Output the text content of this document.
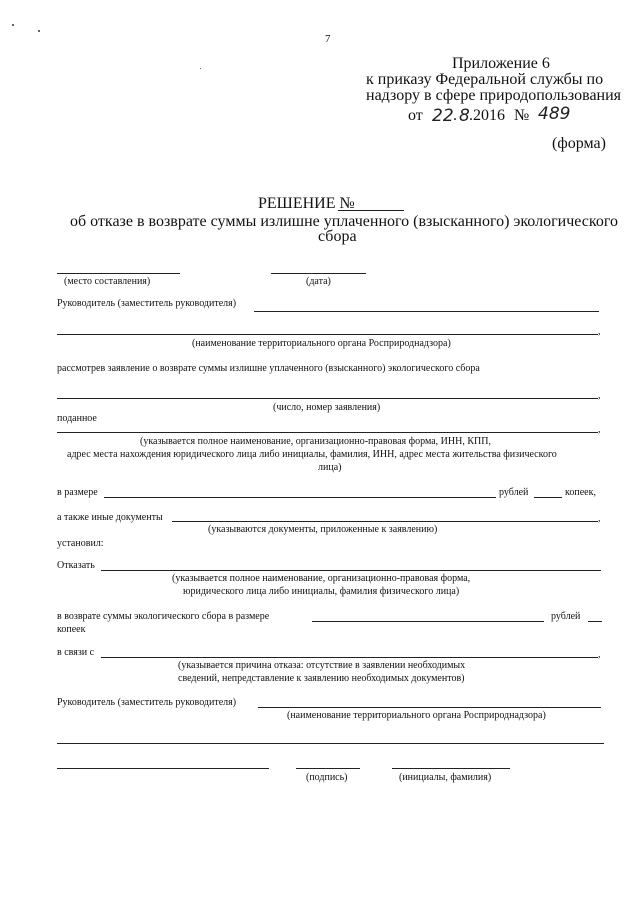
7
Приложение 6
к приказу Федеральной службы по
надзору в сфере природопользования
от 22 . 8 .2016 № 489
(форма)
РЕШЕНИЕ №
об отказе в возврате суммы излишне уплаченного (взысканного) экологического
сбора
(место составления)	(дата)
Руководитель (заместитель руководителя)
,
(наименование территориального органа Росприроднадзора)
рассмотрев заявление о возврате суммы излишне уплаченного (взысканного) экологического сбора
,
(число, номер заявления)
поданное
,
(указывается полное наименование, организационно-правовая форма, ИНН, КПП,
адрес места нахождения юридического лица либо инициалы, фамилия, ИНН, адрес места жительства физического
лица)
в размере	рублей	копеек,
а также иные документы	,
(указываются документы, приложенные к заявлению)
установил:
Отказать
(указывается полное наименование, организационно-правовая форма,
юридического лица либо инициалы, фамилия физического лица)
в возврате суммы экологического сбора в размере	рублей
копеек
в связи с	,
(указывается причина отказа: отсутствие в заявлении необходимых
сведений, непредставление к заявлению необходимых документов)
Руководитель (заместитель руководителя)
(наименование территориального органа Росприроднадзора)
(подпись)	(инициалы, фамилия)
